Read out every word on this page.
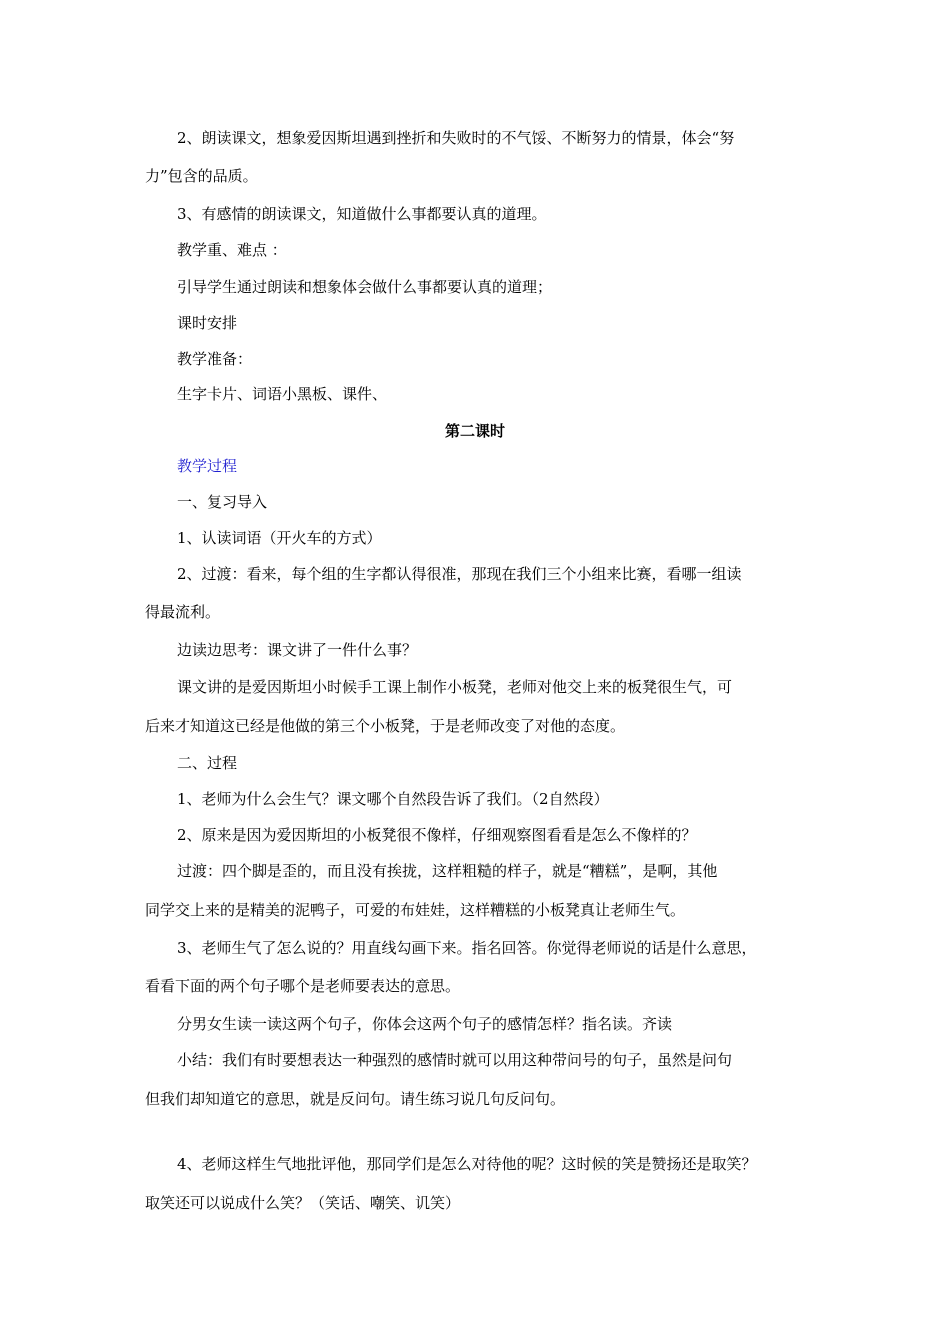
2、朗读课文，想象爱因斯坦遇到挫折和失败时的不气馁、不断努力的情景，体会“努
力”包含的品质。
3、有感情的朗读课文，知道做什么事都要认真的道理。
教学重、难点 ：
引导学生通过朗读和想象体会做什么事都要认真的道理；
课时安排
教学准备：
生字卡片、词语小黑板、课件、
第二课时
教学过程
一、复习导入
1、认读词语（开火车的方式）
2、过渡：看来，每个组的生字都认得很准，那现在我们三个小组来比赛，看哪一组读
得最流利。
边读边思考：课文讲了一件什么事？
课文讲的是爱因斯坦小时候手工课上制作小板凳，老师对他交上来的板凳很生气，可
后来才知道这已经是他做的第三个小板凳，于是老师改变了对他的态度。
二、过程
1、老师为什么会生气？课文哪个自然段告诉了我们。（2自然段）
2、原来是因为爱因斯坦的小板凳很不像样，仔细观察图看看是怎么不像样的？
过渡：四个脚是歪的，而且没有挨拢，这样粗糙的样子，就是“糟糕”，是啊，其他
同学交上来的是精美的泥鸭子，可爱的布娃娃，这样糟糕的小板凳真让老师生气。
3、老师生气了怎么说的？用直线勾画下来。指名回答。你觉得老师说的话是什么意思，
看看下面的两个句子哪个是老师要表达的意思。
分男女生读一读这两个句子，你体会这两个句子的感情怎样？指名读。齐读
小结：我们有时要想表达一种强烈的感情时就可以用这种带问号的句子，虽然是问句
但我们却知道它的意思，就是反问句。请生练习说几句反问句。
4、老师这样生气地批评他，那同学们是怎么对待他的呢？这时候的笑是赞扬还是取笑？
取笑还可以说成什么笑？（笑话、嘲笑、讥笑）
